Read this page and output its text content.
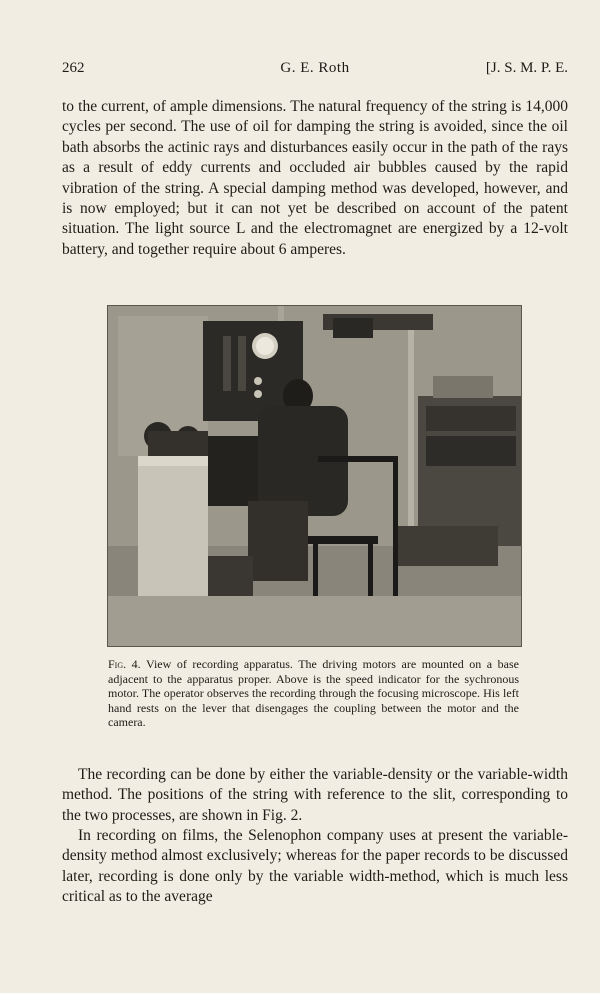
262	G. E. Roth	[J. S. M. P. E.

to the current, of ample dimensions. The natural frequency of the string is 14,000 cycles per second. The use of oil for damping the string is avoided, since the oil bath absorbs the actinic rays and disturbances easily occur in the path of the rays as a result of eddy currents and occluded air bubbles caused by the rapid vibration of the string. A special damping method was developed, however, and is now employed; but it can not yet be described on account of the patent situation. The light source L and the electromagnet are energized by a 12-volt battery, and together require about 6 amperes.

Fig. 4. View of recording apparatus. The driving motors are mounted on a base adjacent to the apparatus proper. Above is the speed indicator for the sychronous motor. The operator observes the recording through the focusing microscope. His left hand rests on the lever that disengages the coupling between the motor and the camera.

The recording can be done by either the variable-density or the variable-width method. The positions of the string with reference to the slit, corresponding to the two processes, are shown in Fig. 2.

In recording on films, the Selenophon company uses at present the variable-density method almost exclusively; whereas for the paper records to be discussed later, recording is done only by the variable width-method, which is much less critical as to the average
